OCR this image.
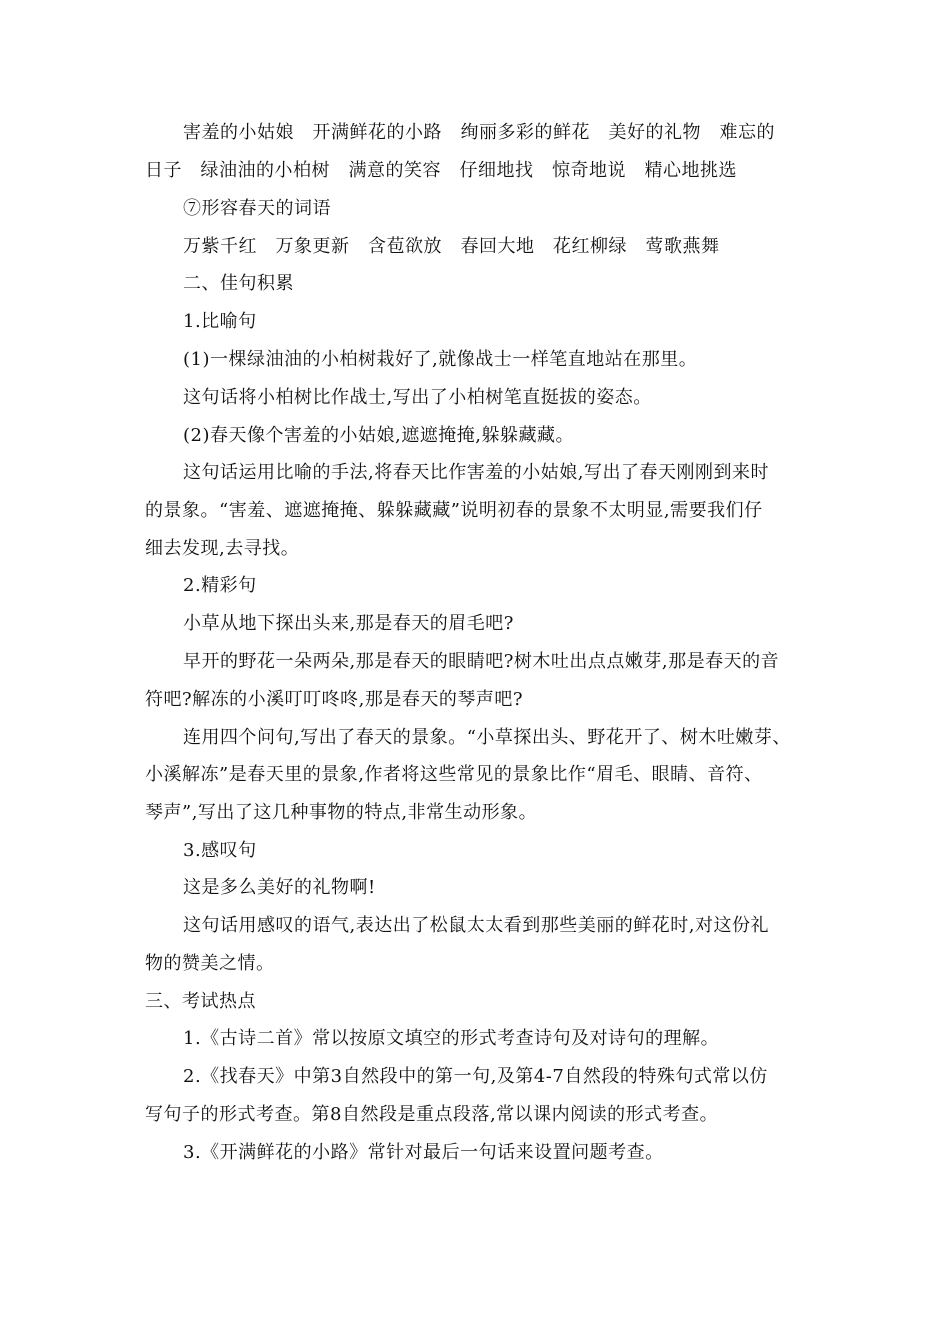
害羞的小姑娘　开满鲜花的小路　绚丽多彩的鲜花　美好的礼物　难忘的
日子　绿油油的小柏树　满意的笑容　仔细地找　惊奇地说　精心地挑选
⑦形容春天的词语
万紫千红　万象更新　含苞欲放　春回大地　花红柳绿　莺歌燕舞
二、佳句积累
1.比喻句
(1)一棵绿油油的小柏树栽好了,就像战士一样笔直地站在那里。
这句话将小柏树比作战士,写出了小柏树笔直挺拔的姿态。
(2)春天像个害羞的小姑娘,遮遮掩掩,躲躲藏藏。
这句话运用比喻的手法,将春天比作害羞的小姑娘,写出了春天刚刚到来时
的景象。“害羞、遮遮掩掩、躲躲藏藏”说明初春的景象不太明显,需要我们仔
细去发现,去寻找。
2.精彩句
小草从地下探出头来,那是春天的眉毛吧?
早开的野花一朵两朵,那是春天的眼睛吧?树木吐出点点嫩芽,那是春天的音
符吧?解冻的小溪叮叮咚咚,那是春天的琴声吧?
连用四个问句,写出了春天的景象。“小草探出头、野花开了、树木吐嫩芽、
小溪解冻”是春天里的景象,作者将这些常见的景象比作“眉毛、眼睛、音符、
琴声”,写出了这几种事物的特点,非常生动形象。
3.感叹句
这是多么美好的礼物啊!
这句话用感叹的语气,表达出了松鼠太太看到那些美丽的鲜花时,对这份礼
物的赞美之情。
三、考试热点
1.《古诗二首》常以按原文填空的形式考查诗句及对诗句的理解。
2.《找春天》中第3自然段中的第一句,及第4-7自然段的特殊句式常以仿
写句子的形式考查。第8自然段是重点段落,常以课内阅读的形式考查。
3.《开满鲜花的小路》常针对最后一句话来设置问题考查。
